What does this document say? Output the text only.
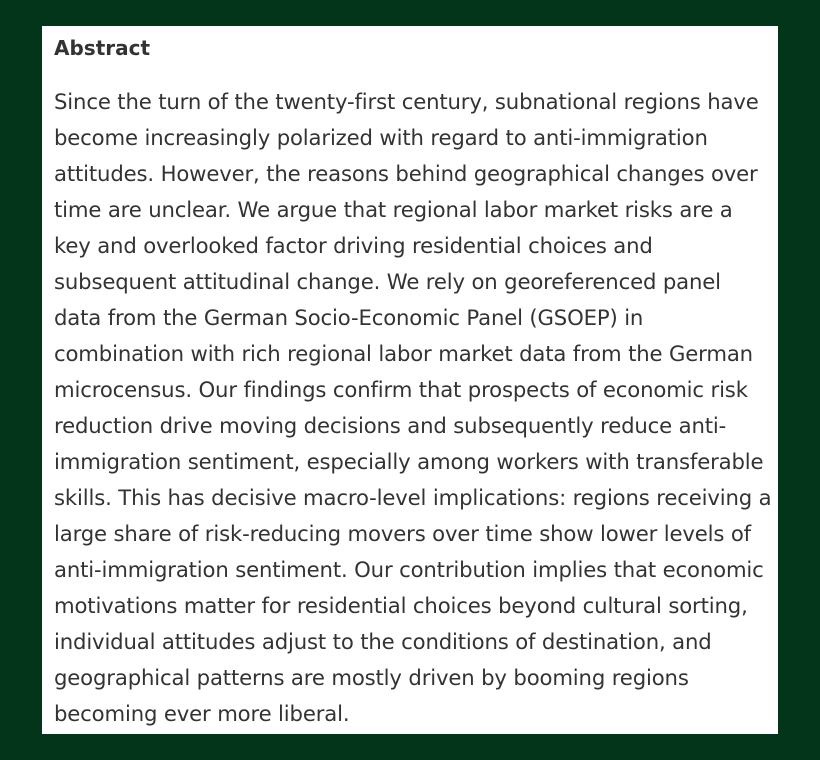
Abstract

Since the turn of the twenty-first century, subnational regions have become increasingly polarized with regard to anti-immigration attitudes. However, the reasons behind geographical changes over time are unclear. We argue that regional labor market risks are a key and overlooked factor driving residential choices and subsequent attitudinal change. We rely on georeferenced panel data from the German Socio-Economic Panel (GSOEP) in combination with rich regional labor market data from the German microcensus. Our findings confirm that prospects of economic risk reduction drive moving decisions and subsequently reduce anti-immigration sentiment, especially among workers with transferable skills. This has decisive macro-level implications: regions receiving a large share of risk-reducing movers over time show lower levels of anti-immigration sentiment. Our contribution implies that economic motivations matter for residential choices beyond cultural sorting, individual attitudes adjust to the conditions of destination, and geographical patterns are mostly driven by booming regions becoming ever more liberal.
